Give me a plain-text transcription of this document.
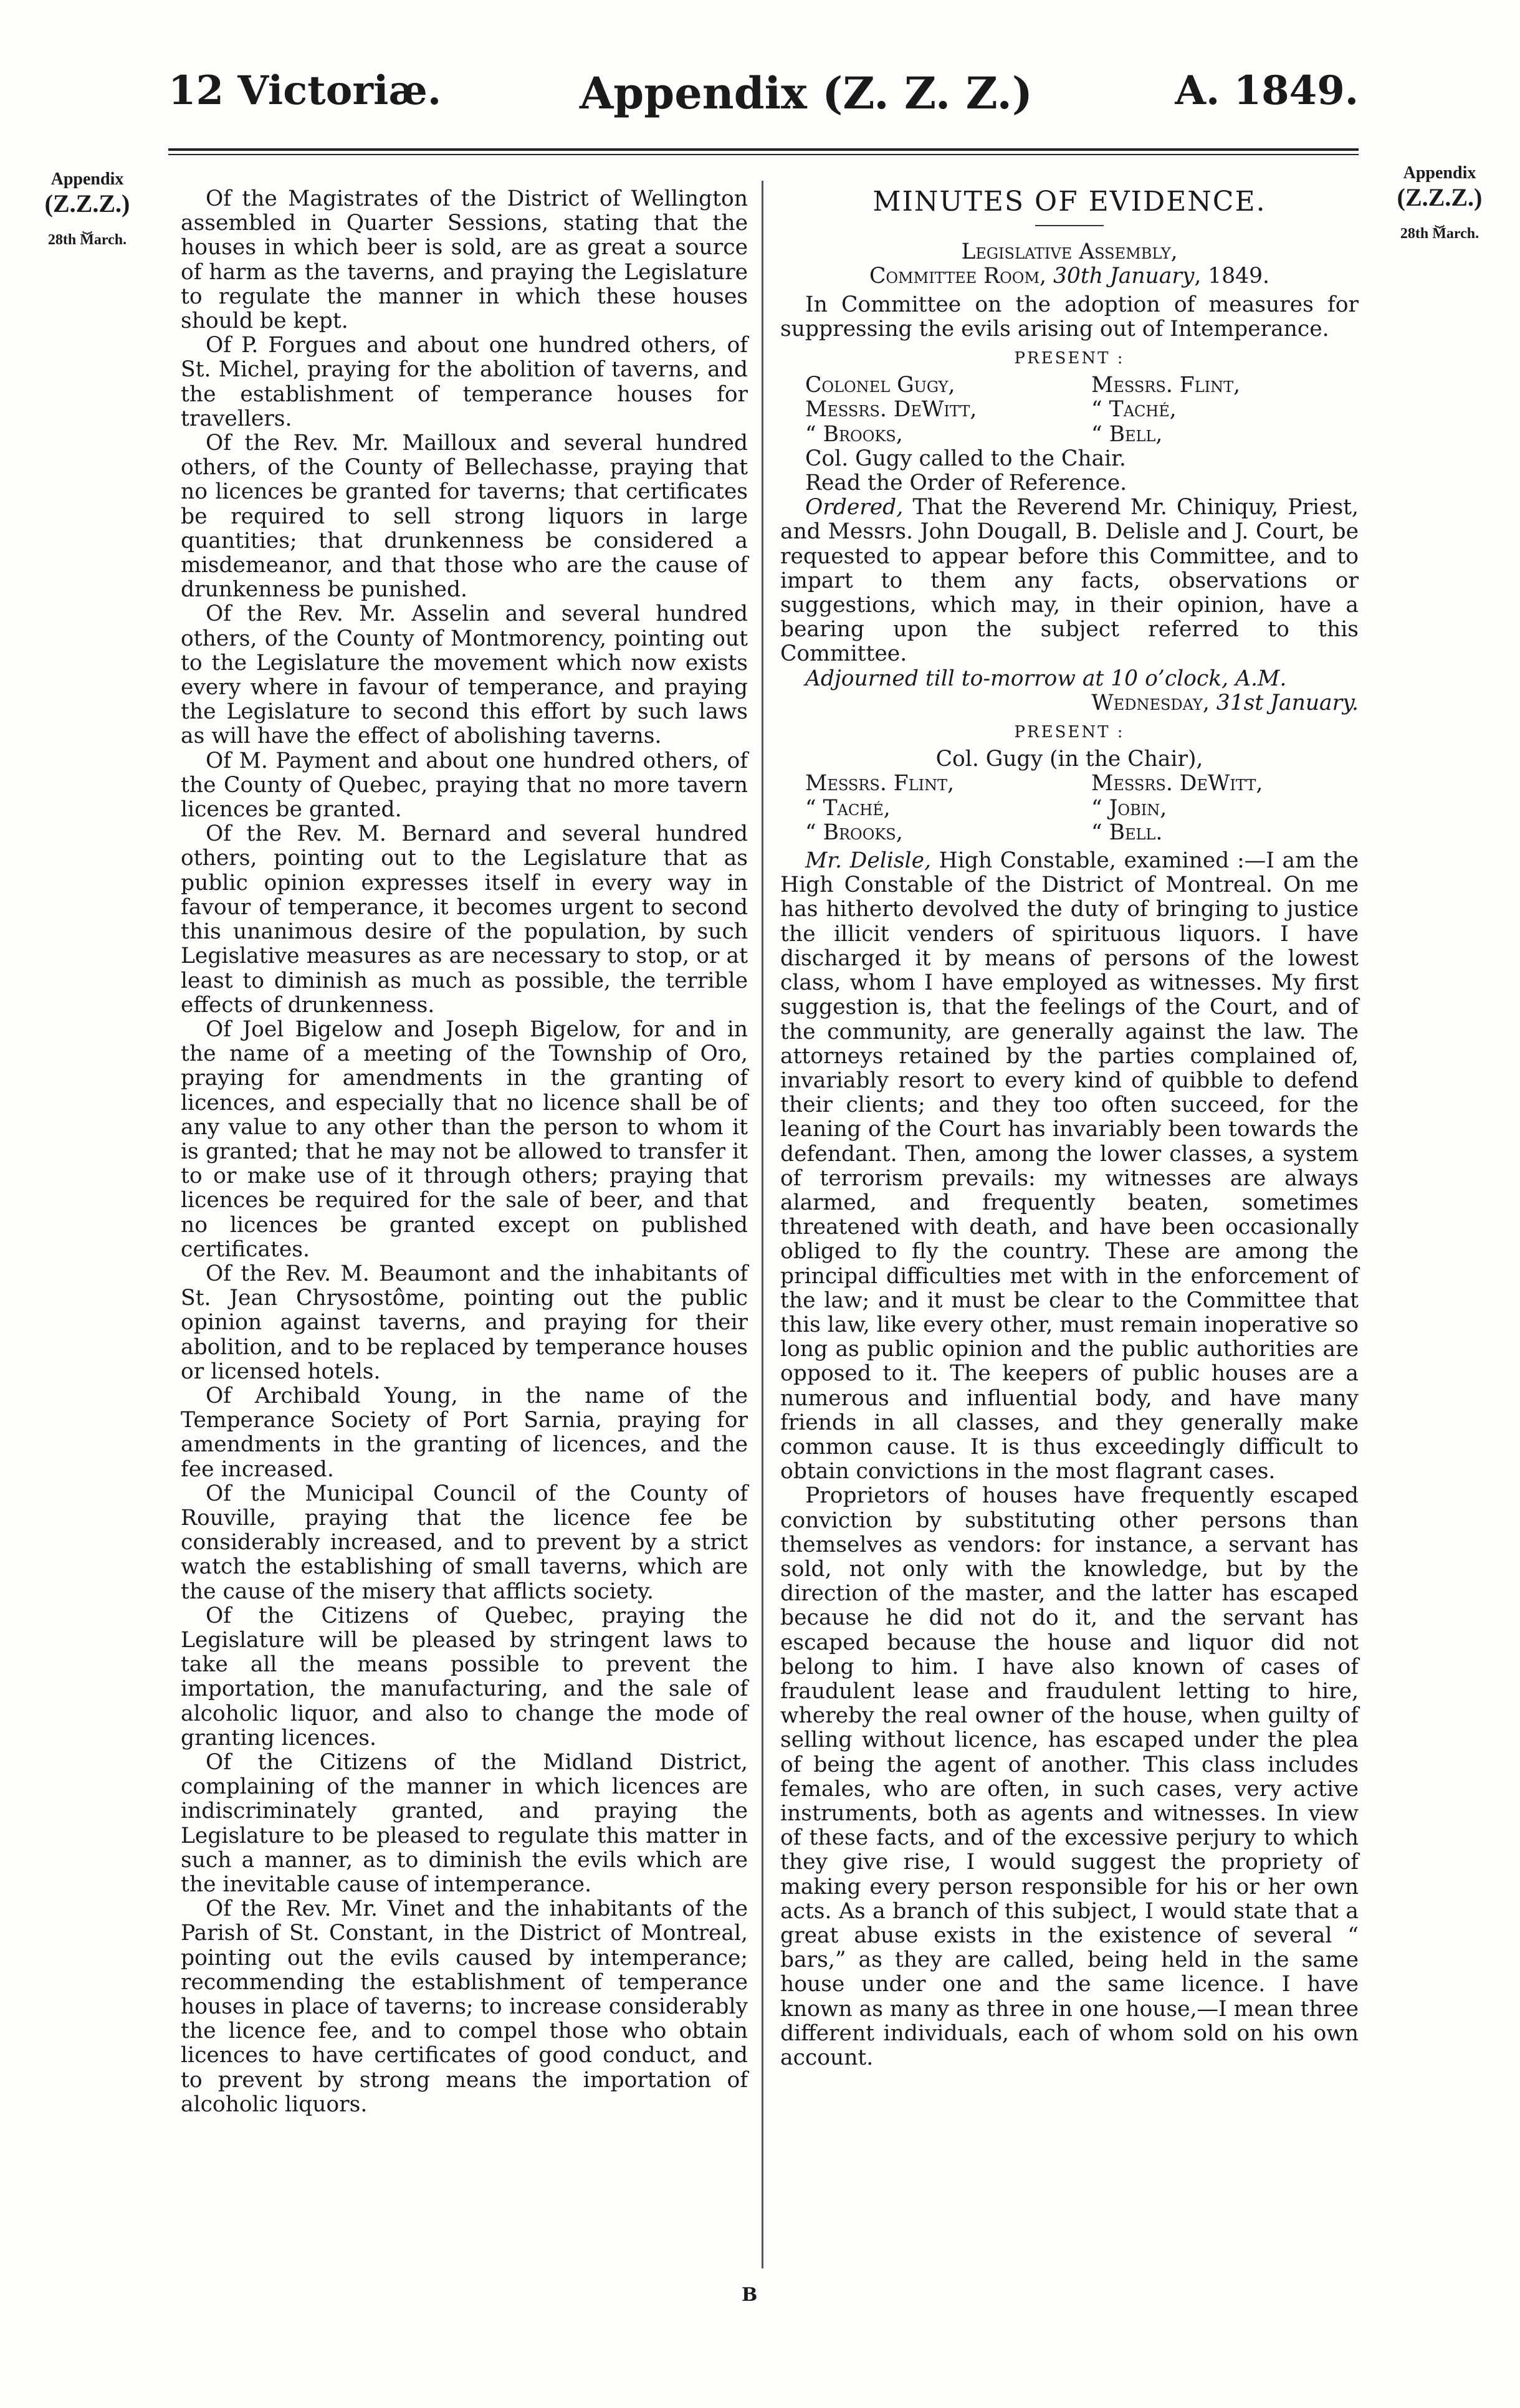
12 Victoriæ.	Appendix (Z. Z. Z.)	A. 1849.
Appendix
(Z.Z.Z.)
⏟
28th March.
Appendix
(Z.Z.Z.)
⏟
28th March.

Of the Magistrates of the District of Wellington assembled in Quarter Sessions, stating that the houses in which beer is sold, are as great a source of harm as the taverns, and praying the Legislature to regulate the manner in which these houses should be kept.

Of P. Forgues and about one hundred others, of St. Michel, praying for the abolition of taverns, and the establishment of temperance houses for travellers.

Of the Rev. Mr. Mailloux and several hundred others, of the County of Bellechasse, praying that no licences be granted for taverns; that certificates be required to sell strong liquors in large quantities; that drunkenness be considered a misdemeanor, and that those who are the cause of drunkenness be punished.

Of the Rev. Mr. Asselin and several hundred others, of the County of Montmorency, pointing out to the Legislature the movement which now exists every where in favour of temperance, and praying the Legislature to second this effort by such laws as will have the effect of abolishing taverns.

Of M. Payment and about one hundred others, of the County of Quebec, praying that no more tavern licences be granted.

Of the Rev. M. Bernard and several hundred others, pointing out to the Legislature that as public opinion expresses itself in every way in favour of temperance, it becomes urgent to second this unanimous desire of the population, by such Legislative measures as are necessary to stop, or at least to diminish as much as possible, the terrible effects of drunkenness.

Of Joel Bigelow and Joseph Bigelow, for and in the name of a meeting of the Township of Oro, praying for amendments in the granting of licences, and especially that no licence shall be of any value to any other than the person to whom it is granted; that he may not be allowed to transfer it to or make use of it through others; praying that licences be required for the sale of beer, and that no licences be granted except on published certificates.

Of the Rev. M. Beaumont and the inhabitants of St. Jean Chrysostôme, pointing out the public opinion against taverns, and praying for their abolition, and to be replaced by temperance houses or licensed hotels.

Of Archibald Young, in the name of the Temperance Society of Port Sarnia, praying for amendments in the granting of licences, and the fee increased.

Of the Municipal Council of the County of Rouville, praying that the licence fee be considerably increased, and to prevent by a strict watch the establishing of small taverns, which are the cause of the misery that afflicts society.

Of the Citizens of Quebec, praying the Legislature will be pleased by stringent laws to take all the means possible to prevent the importation, the manufacturing, and the sale of alcoholic liquor, and also to change the mode of granting licences.

Of the Citizens of the Midland District, complaining of the manner in which licences are indiscriminately granted, and praying the Legislature to be pleased to regulate this matter in such a manner, as to diminish the evils which are the inevitable cause of intemperance.

Of the Rev. Mr. Vinet and the inhabitants of the Parish of St. Constant, in the District of Montreal, pointing out the evils caused by intemperance; recommending the establishment of temperance houses in place of taverns; to increase considerably the licence fee, and to compel those who obtain licences to have certificates of good conduct, and to prevent by strong means the importation of alcoholic liquors.

MINUTES OF EVIDENCE.

Legislative Assembly,

Committee Room, 30th January, 1849.

In Committee on the adoption of measures for suppressing the evils arising out of Intemperance.

PRESENT :
Colonel Gugy,	Messrs. Flint,
Messrs. DeWitt,	“ Taché,
“ Brooks,	“ Bell,

Col. Gugy called to the Chair.

Read the Order of Reference.

Ordered, That the Reverend Mr. Chiniquy, Priest, and Messrs. John Dougall, B. Delisle and J. Court, be requested to appear before this Committee, and to impart to them any facts, observations or suggestions, which may, in their opinion, have a bearing upon the subject referred to this Committee.

Adjourned till to-morrow at 10 o’clock, A.M.

Wednesday, 31st January.

PRESENT :

Col. Gugy (in the Chair),

Messrs. Flint,	Messrs. DeWitt,
“ Taché,	“ Jobin,
“ Brooks,	“ Bell.

Mr. Delisle, High Constable, examined :—I am the High Constable of the District of Montreal. On me has hitherto devolved the duty of bringing to justice the illicit venders of spirituous liquors. I have discharged it by means of persons of the lowest class, whom I have employed as witnesses. My first suggestion is, that the feelings of the Court, and of the community, are generally against the law. The attorneys retained by the parties complained of, invariably resort to every kind of quibble to defend their clients; and they too often succeed, for the leaning of the Court has invariably been towards the defendant. Then, among the lower classes, a system of terrorism prevails: my witnesses are always alarmed, and frequently beaten, sometimes threatened with death, and have been occasionally obliged to fly the country. These are among the principal difficulties met with in the enforcement of the law; and it must be clear to the Committee that this law, like every other, must remain inoperative so long as public opinion and the public authorities are opposed to it. The keepers of public houses are a numerous and influential body, and have many friends in all classes, and they generally make common cause. It is thus exceedingly difficult to obtain convictions in the most flagrant cases.

Proprietors of houses have frequently escaped conviction by substituting other persons than themselves as vendors: for instance, a servant has sold, not only with the knowledge, but by the direction of the master, and the latter has escaped because he did not do it, and the servant has escaped because the house and liquor did not belong to him. I have also known of cases of fraudulent lease and fraudulent letting to hire, whereby the real owner of the house, when guilty of selling without licence, has escaped under the plea of being the agent of another. This class includes females, who are often, in such cases, very active instruments, both as agents and witnesses. In view of these facts, and of the excessive perjury to which they give rise, I would suggest the propriety of making every person responsible for his or her own acts. As a branch of this subject, I would state that a great abuse exists in the existence of several “ bars,” as they are called, being held in the same house under one and the same licence. I have known as many as three in one house,—I mean three different individuals, each of whom sold on his own account.

B
